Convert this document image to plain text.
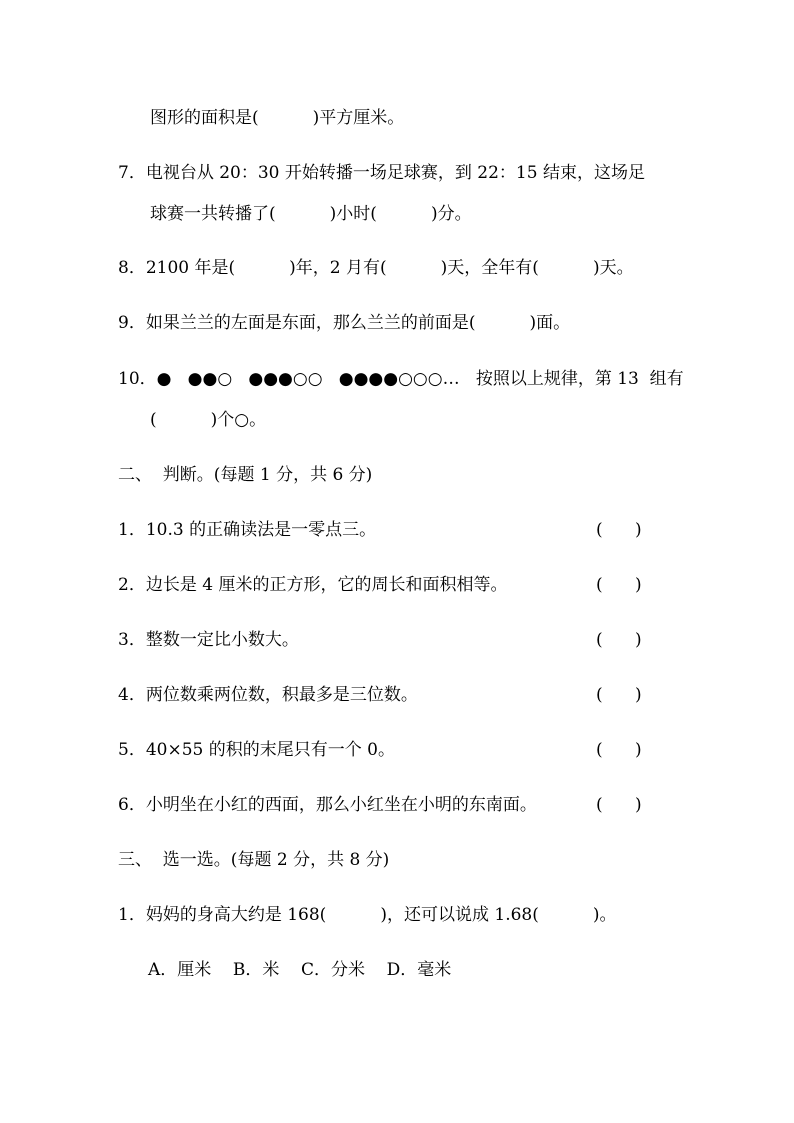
图形的面积是(          )平方厘米。
7．电视台从 20：30 开始转播一场足球赛，到 22：15 结束，这场足
球赛一共转播了(          )小时(          )分。
8．2100 年是(          )年，2 月有(          )天，全年有(          )天。
9．如果兰兰的左面是东面，那么兰兰的前面是(          )面。
10．●   ●●○   ●●●○○   ●●●●○○○…   按照以上规律，第 13  组有
(          )个○。
二、  判断。(每题 1 分，共 6 分)
1．10.3 的正确读法是一零点三。	(      )
2．边长是 4 厘米的正方形，它的周长和面积相等。	(      )
3．整数一定比小数大。	(      )
4．两位数乘两位数，积最多是三位数。	(      )
5．40×55 的积的末尾只有一个 0。	(      )
6．小明坐在小红的西面，那么小红坐在小明的东南面。	(      )
三、  选一选。(每题 2 分，共 8 分)
1．妈妈的身高大约是 168(          )，还可以说成 1.68(          )。
A．厘米    B．米    C．分米    D．毫米
